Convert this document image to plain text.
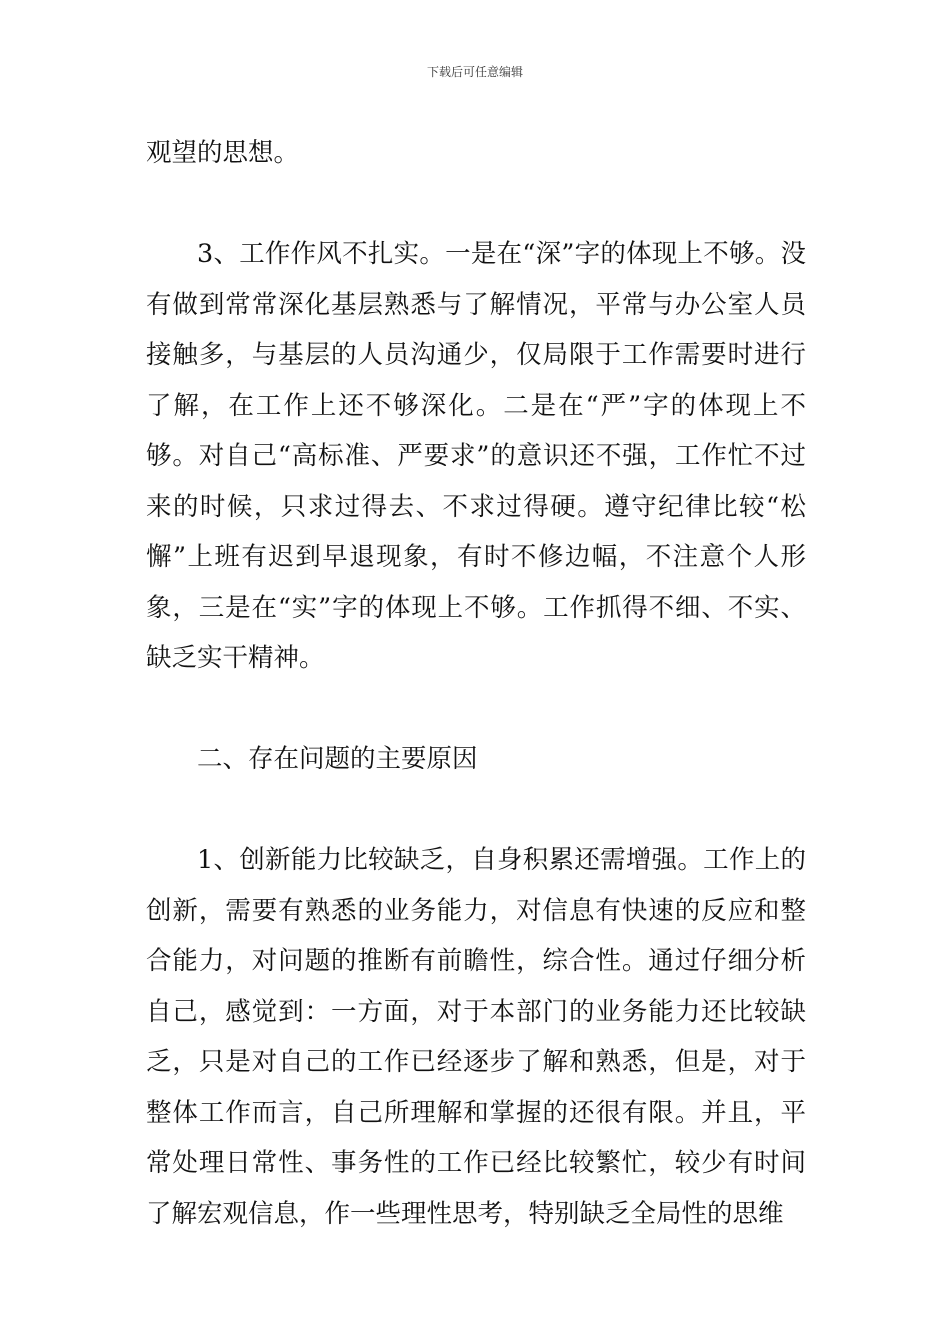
下载后可任意编辑

观望的思想。

3、工作作风不扎实。一是在“深”字的体现上不够。没有做到常常深化基层熟悉与了解情况，平常与办公室人员接触多，与基层的人员沟通少，仅局限于工作需要时进行了解，在工作上还不够深化。二是在“严”字的体现上不够。对自己“高标准、严要求”的意识还不强，工作忙不过来的时候，只求过得去、不求过得硬。遵守纪律比较“松懈”上班有迟到早退现象，有时不修边幅，不注意个人形象，三是在“实”字的体现上不够。工作抓得不细、不实、缺乏实干精神。

二、存在问题的主要原因

1、创新能力比较缺乏，自身积累还需增强。工作上的创新，需要有熟悉的业务能力，对信息有快速的反应和整合能力，对问题的推断有前瞻性，综合性。通过仔细分析自己，感觉到：一方面，对于本部门的业务能力还比较缺乏，只是对自己的工作已经逐步了解和熟悉，但是，对于整体工作而言，自己所理解和掌握的还很有限。并且，平常处理日常性、事务性的工作已经比较繁忙，较少有时间了解宏观信息，作一些理性思考，特别缺乏全局性的思维
